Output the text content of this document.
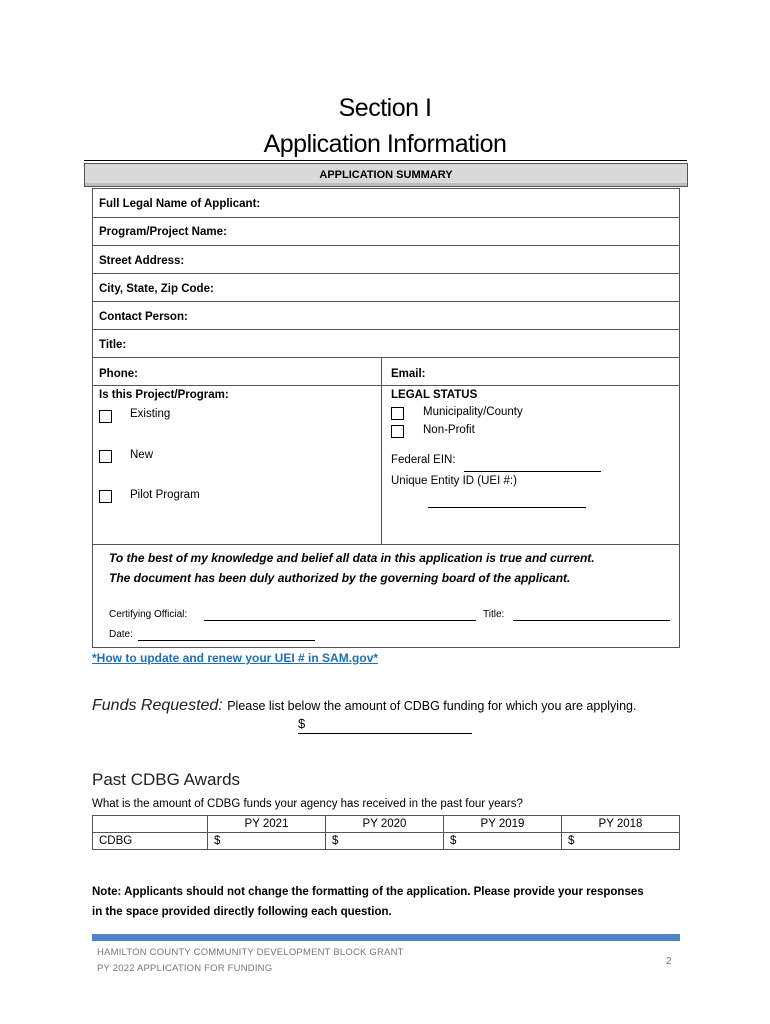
Section I
Application Information
APPLICATION SUMMARY
Full Legal Name of Applicant:
Program/Project Name:
Street Address:
City, State, Zip Code:
Contact Person:
Title:
Phone:	Email:
Is this Project/Program:
Existing
New
Pilot Program
LEGAL STATUS
Municipality/County
Non-Profit
Federal EIN:
Unique Entity ID (UEI #:)
To the best of my knowledge and belief all data in this application is true and current.
The document has been duly authorized by the governing board of the applicant.
Certifying Official:	Title:
Date:
*How to update and renew your UEI # in SAM.gov*
Funds Requested: Please list below the amount of CDBG funding for which you are applying.
$
Past CDBG Awards
What is the amount of CDBG funds your agency has received in the past four years?
	PY 2021	PY 2020	PY 2019	PY 2018
CDBG	$	$	$	$
Note: Applicants should not change the formatting of the application. Please provide your responses
in the space provided directly following each question.
HAMILTON COUNTY COMMUNITY DEVELOPMENT BLOCK GRANT
PY 2022 APPLICATION FOR FUNDING
2
